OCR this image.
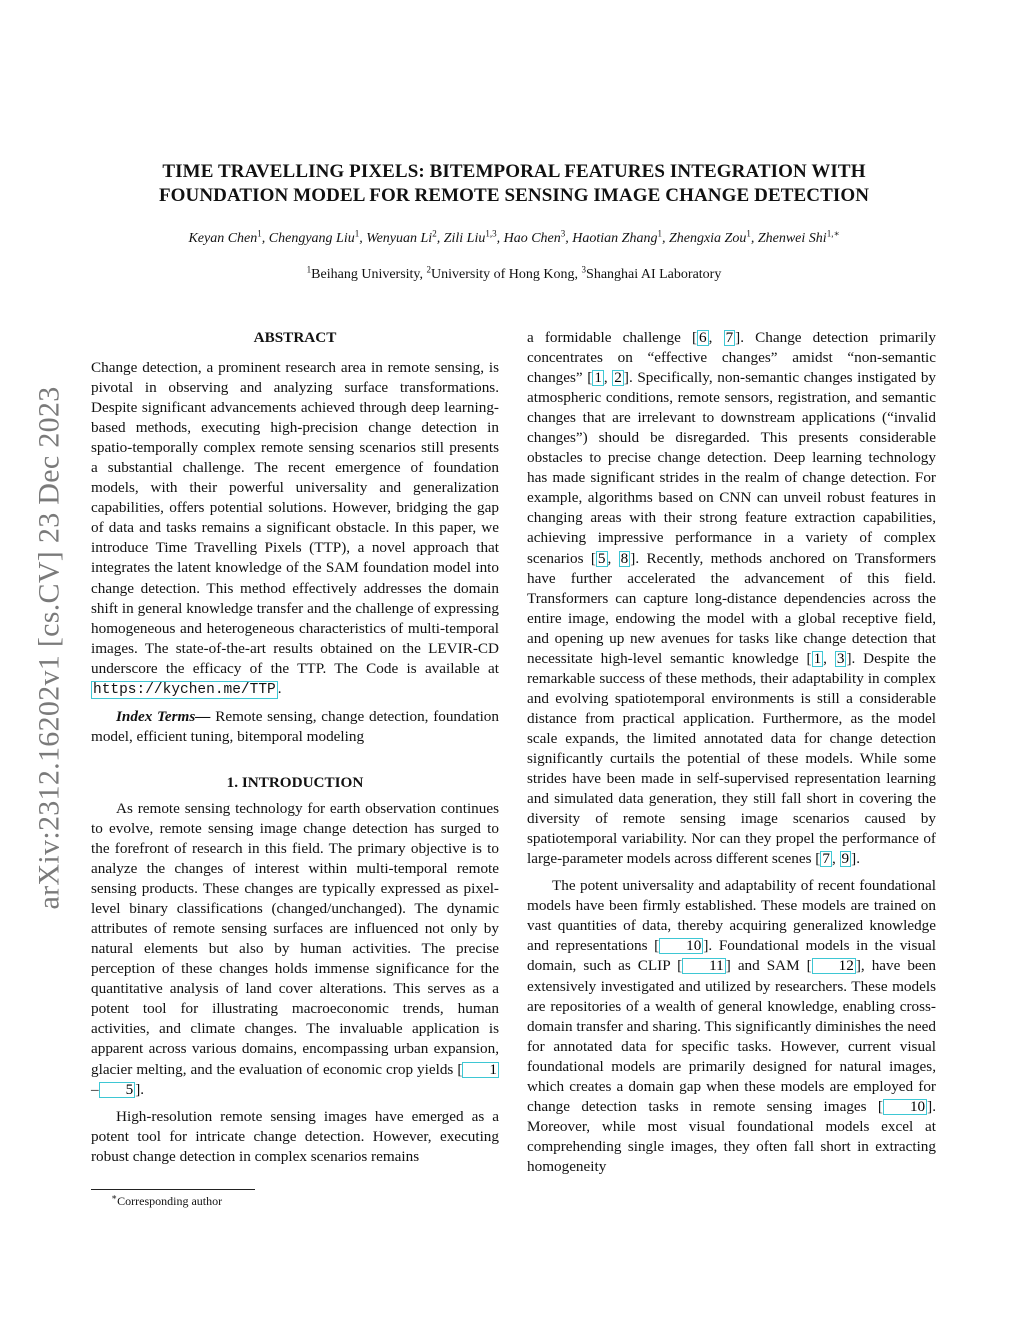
arXiv:2312.16202v1 [cs.CV] 23 Dec 2023
TIME TRAVELLING PIXELS: BITEMPORAL FEATURES INTEGRATION WITH
FOUNDATION MODEL FOR REMOTE SENSING IMAGE CHANGE DETECTION
Keyan Chen$^1$, Chengyang Liu$^1$, Wenyuan Li$^2$, Zili Liu$^{1,3}$, Hao Chen$^3$, Haotian Zhang$^1$, Zhengxia Zou$^1$, Zhenwei Shi$^{1,∗}$
$^1$Beihang University, $^2$University of Hong Kong, $^3$Shanghai AI Laboratory
ABSTRACT

Change detection, a prominent research area in remote sensing, is pivotal in observing and analyzing surface transformations. Despite significant advancements achieved through deep learning-based methods, executing high-precision change detection in spatio-temporally complex remote sensing scenarios still presents a substantial challenge. The recent emergence of foundation models, with their powerful universality and generalization capabilities, offers potential solutions. However, bridging the gap of data and tasks remains a significant obstacle. In this paper, we introduce Time Travelling Pixels (TTP), a novel approach that integrates the latent knowledge of the SAM foundation model into change detection. This method effectively addresses the domain shift in general knowledge transfer and the challenge of expressing homogeneous and heterogeneous characteristics of multi-temporal images. The state-of-the-art results obtained on the LEVIR-CD underscore the efficacy of the TTP. The Code is available at https://kychen.me/TTP .

Index Terms— Remote sensing, change detection, foundation model, efficient tuning, bitemporal modeling

1. INTRODUCTION

As remote sensing technology for earth observation continues to evolve, remote sensing image change detection has surged to the forefront of research in this field. The primary objective is to analyze the changes of interest within multi-temporal remote sensing products. These changes are typically expressed as pixel-level binary classifications (changed/unchanged). The dynamic attributes of remote sensing surfaces are influenced not only by natural elements but also by human activities. The precise perception of these changes holds immense significance for the quantitative analysis of land cover alterations. This serves as a potent tool for illustrating macroeconomic trends, human activities, and climate changes. The invaluable application is apparent across various domains, encompassing urban expansion, glacier melting, and the evaluation of economic crop yields [ 1– 5 ].

High-resolution remote sensing images have emerged as a potent tool for intricate change detection. However, executing robust change detection in complex scenarios remains

a formidable challenge [ 6 , 7 ]. Change detection primarily concentrates on “effective changes” amidst “non-semantic changes” [ 1 , 2 ]. Specifically, non-semantic changes instigated by atmospheric conditions, remote sensors, registration, and semantic changes that are irrelevant to downstream applications (“invalid changes”) should be disregarded. This presents considerable obstacles to precise change detection. Deep learning technology has made significant strides in the realm of change detection. For example, algorithms based on CNN can unveil robust features in changing areas with their strong feature extraction capabilities, achieving impressive performance in a variety of complex scenarios [ 5 , 8 ]. Recently, methods anchored on Transformers have further accelerated the advancement of this field. Transformers can capture long-distance dependencies across the entire image, endowing the model with a global receptive field, and opening up new avenues for tasks like change detection that necessitate high-level semantic knowledge [ 1 , 3 ]. Despite the remarkable success of these methods, their adaptability in complex and evolving spatiotemporal environments is still a considerable distance from practical application. Furthermore, as the model scale expands, the limited annotated data for change detection significantly curtails the potential of these models. While some strides have been made in self-supervised representation learning and simulated data generation, they still fall short in covering the diversity of remote sensing image scenarios caused by spatiotemporal variability. Nor can they propel the performance of large-parameter models across different scenes [ 7 , 9 ].

The potent universality and adaptability of recent foundational models have been firmly established. These models are trained on vast quantities of data, thereby acquiring generalized knowledge and representations [ 10 ]. Foundational models in the visual domain, such as CLIP [ 11 ] and SAM [ 12 ], have been extensively investigated and utilized by researchers. These models are repositories of a wealth of general knowledge, enabling cross-domain transfer and sharing. This significantly diminishes the need for annotated data for specific tasks. However, current visual foundational models are primarily designed for natural images, which creates a domain gap when these models are employed for change detection tasks in remote sensing images [ 10 ]. Moreover, while most visual foundational models excel at comprehending single images, they often fall short in extracting homogeneity

∗Corresponding author
